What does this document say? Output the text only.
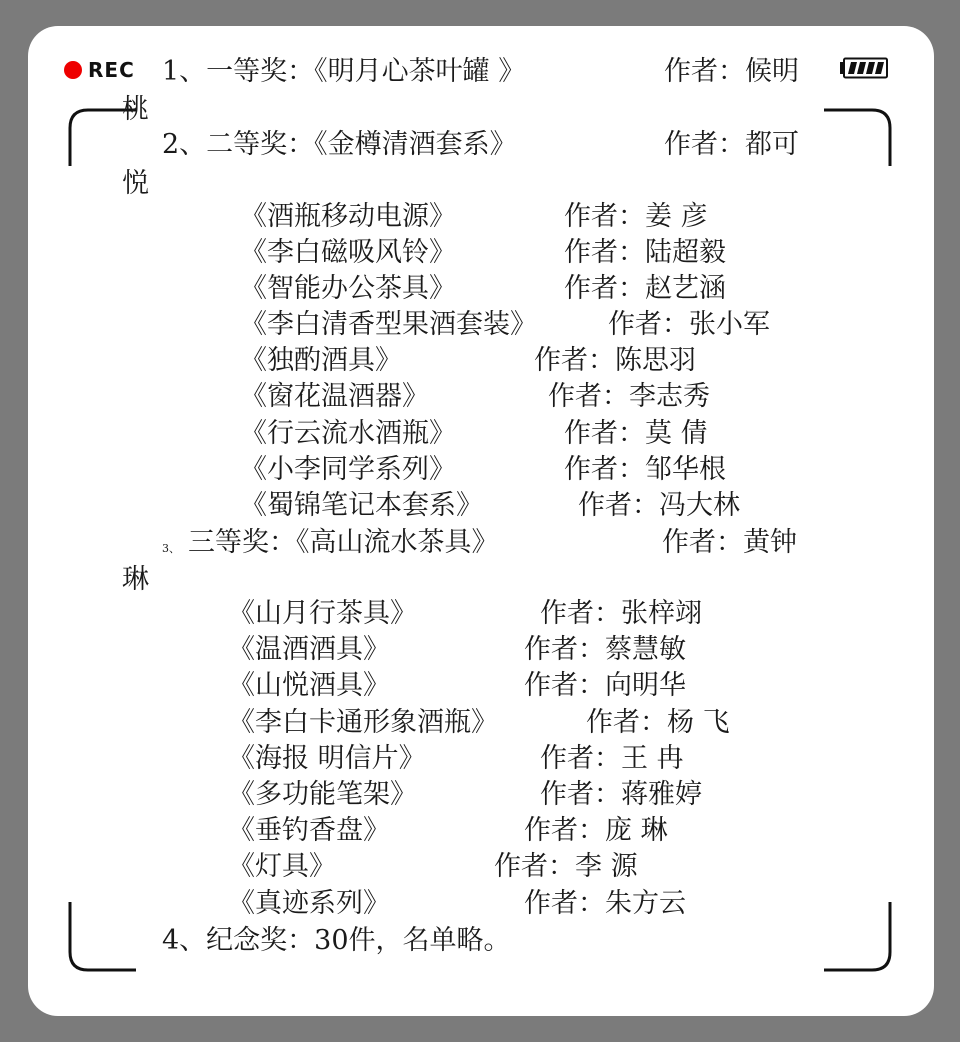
REC 1、一等奖：《明月心茶叶罐 》	作者：候明
桃
2、二等奖：《金樽清酒套系》	作者：都可
悦
《酒瓶移动电源》	作者：姜 彦
《李白磁吸风铃》	作者：陆超毅
《智能办公茶具》	作者：赵艺涵
《李白清香型果酒套装》	作者：张小军
《独酌酒具》	作者：陈思羽
《窗花温酒器》	作者：李志秀
《行云流水酒瓶》	作者：莫 倩
《小李同学系列》	作者：邹华根
《蜀锦笔记本套系》	作者：冯大林
3、 三等奖：《高山流水茶具》	作者：黄钟
琳
《山月行茶具》	作者：张梓翊
《温酒酒具》	作者：蔡慧敏
《山悦酒具》	作者：向明华
《李白卡通形象酒瓶》	作者：杨 飞
《海报 明信片》	作者：王 冉
《多功能笔架》	作者：蒋雅婷
《垂钓香盘》	作者：庞 琳
《灯具》	作者：李 源
《真迹系列》	作者：朱方云
4、纪念奖：30件，名单略。
